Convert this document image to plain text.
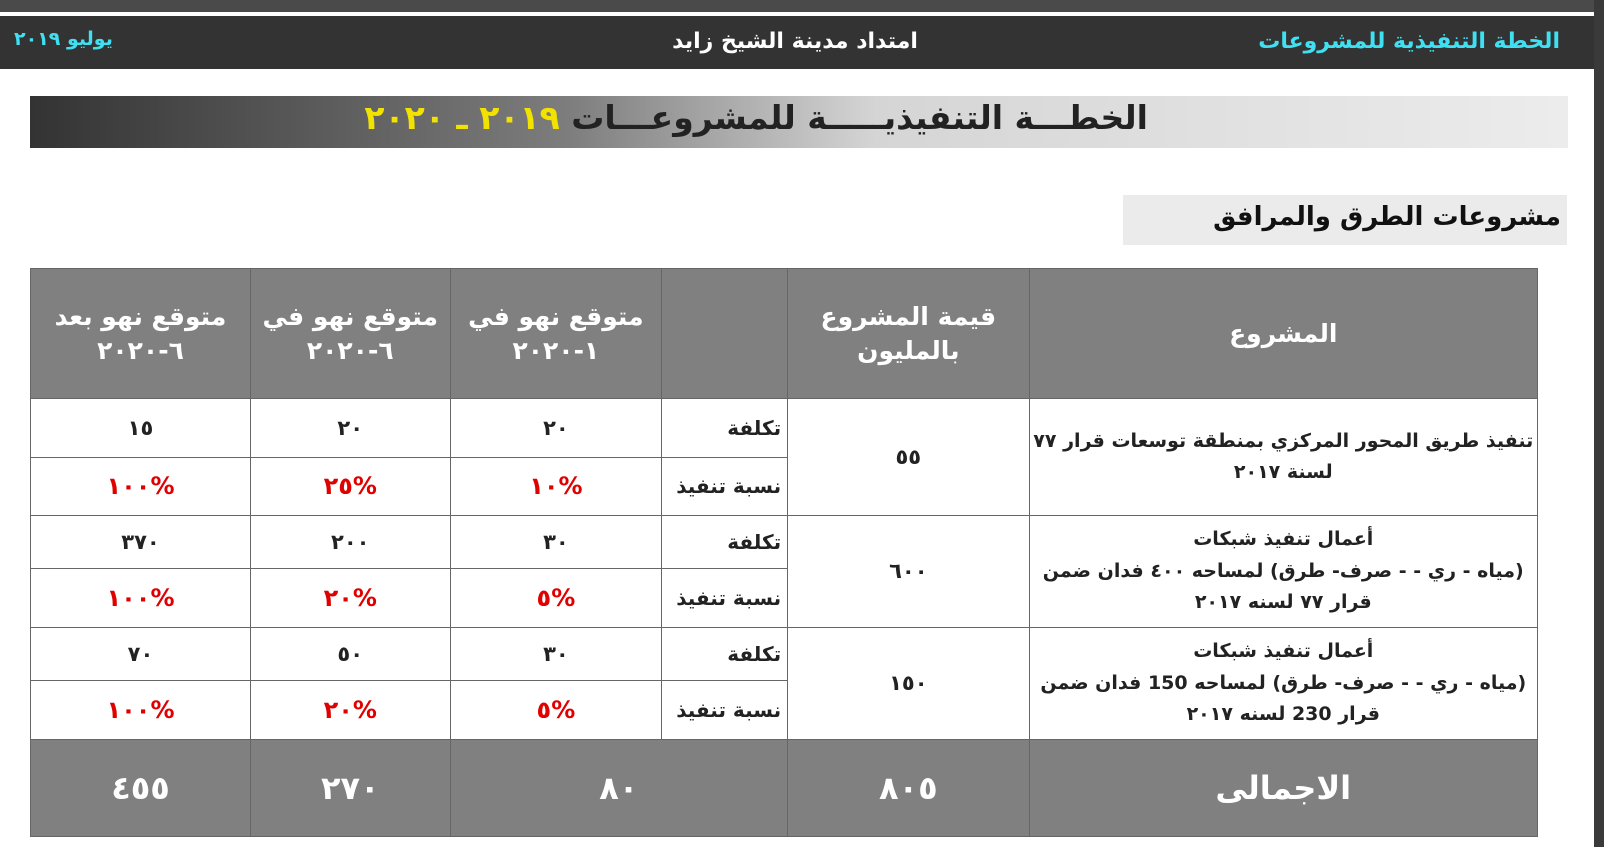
الخطة التنفيذية للمشروعات
امتداد مدينة الشيخ زايد
يوليو ٢٠١٩
الخطـــة التنفيذيـــــة للمشروعـــات ٢٠١٩ ـ ٢٠٢٠
مشروعات الطرق والمرافق
المشروع	قيمة المشروع بالمليون		متوقع نهو في ١-٢٠٢٠	متوقع نهو في ٦-٢٠٢٠	متوقع نهو بعد ٦-٢٠٢٠

تنفيذ طريق المحور المركزي بمنطقة توسعات قرار ٧٧
لسنة ٢٠١٧	٥٥	تكلفة	٢٠	٢٠	١٥
		نسبة تنفيذ	%١٠	%٢٥	%١٠٠

أعمال تنفيذ شبكات
(مياه - ري - - صرف- طرق) لمساحه ٤٠٠ فدان ضمن
قرار ٧٧ لسنه ٢٠١٧	٦٠٠	تكلفة	٣٠	٢٠٠	٣٧٠
		نسبة تنفيذ	%٥	%٢٠	%١٠٠

أعمال تنفيذ شبكات
(مياه - ري - - صرف- طرق) لمساحه 150 فدان ضمن
قرار 230 لسنه ٢٠١٧	١٥٠	تكلفة	٣٠	٥٠	٧٠
		نسبة تنفيذ	%٥	%٢٠	%١٠٠
الاجمالى	٨٠٥	٨٠		٢٧٠	٤٥٥
